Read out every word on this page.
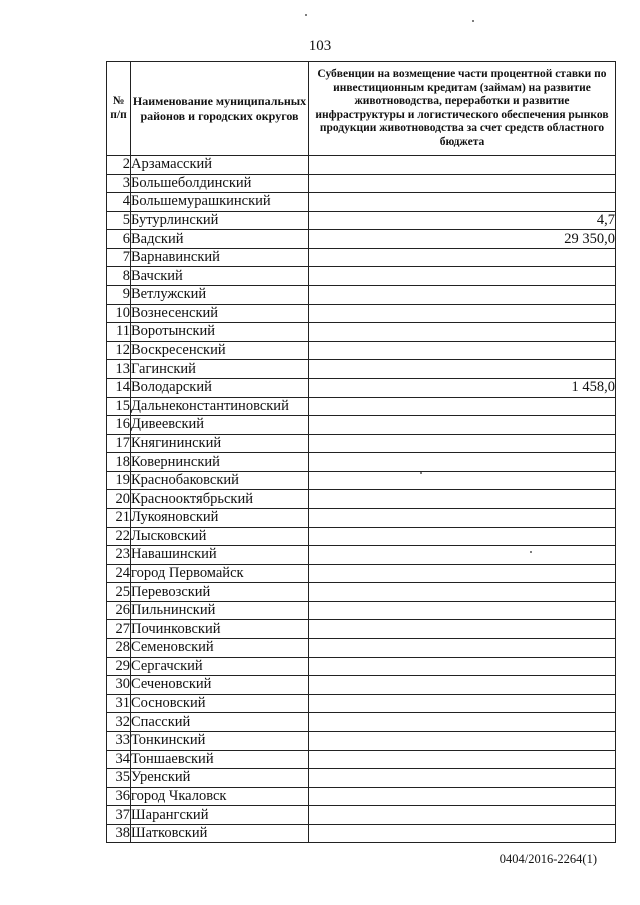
103
№ п/п	Наименование муниципальных районов и городских округов	Субвенции на возмещение части процентной ставки по инвестиционным кредитам (займам) на развитие животноводства, переработки и развитие инфраструктуры и логистического обеспечения рынков продукции животноводства за счет средств областного бюджета
2	Арзамасский	
3	Большеболдинский	
4	Большемурашкинский	
5	Бутурлинский	4,7
6	Вадский	29 350,0
7	Варнавинский	
8	Вачский	
9	Ветлужский	
10	Вознесенский	
11	Воротынский	
12	Воскресенский	
13	Гагинский	
14	Володарский	1 458,0
15	Дальнеконстантиновский	
16	Дивеевский	
17	Княгининский	
18	Ковернинский	
19	Краснобаковский	
20	Краснооктябрьский	
21	Лукояновский	
22	Лысковский	
23	Навашинский	
24	город Первомайск	
25	Перевозский	
26	Пильнинский	
27	Починковский	
28	Семеновский	
29	Сергачский	
30	Сеченовский	
31	Сосновский	
32	Спасский	
33	Тонкинский	
34	Тоншаевский	
35	Уренский	
36	город Чкаловск	
37	Шарангский	
38	Шатковский	
0404/2016-2264(1)
